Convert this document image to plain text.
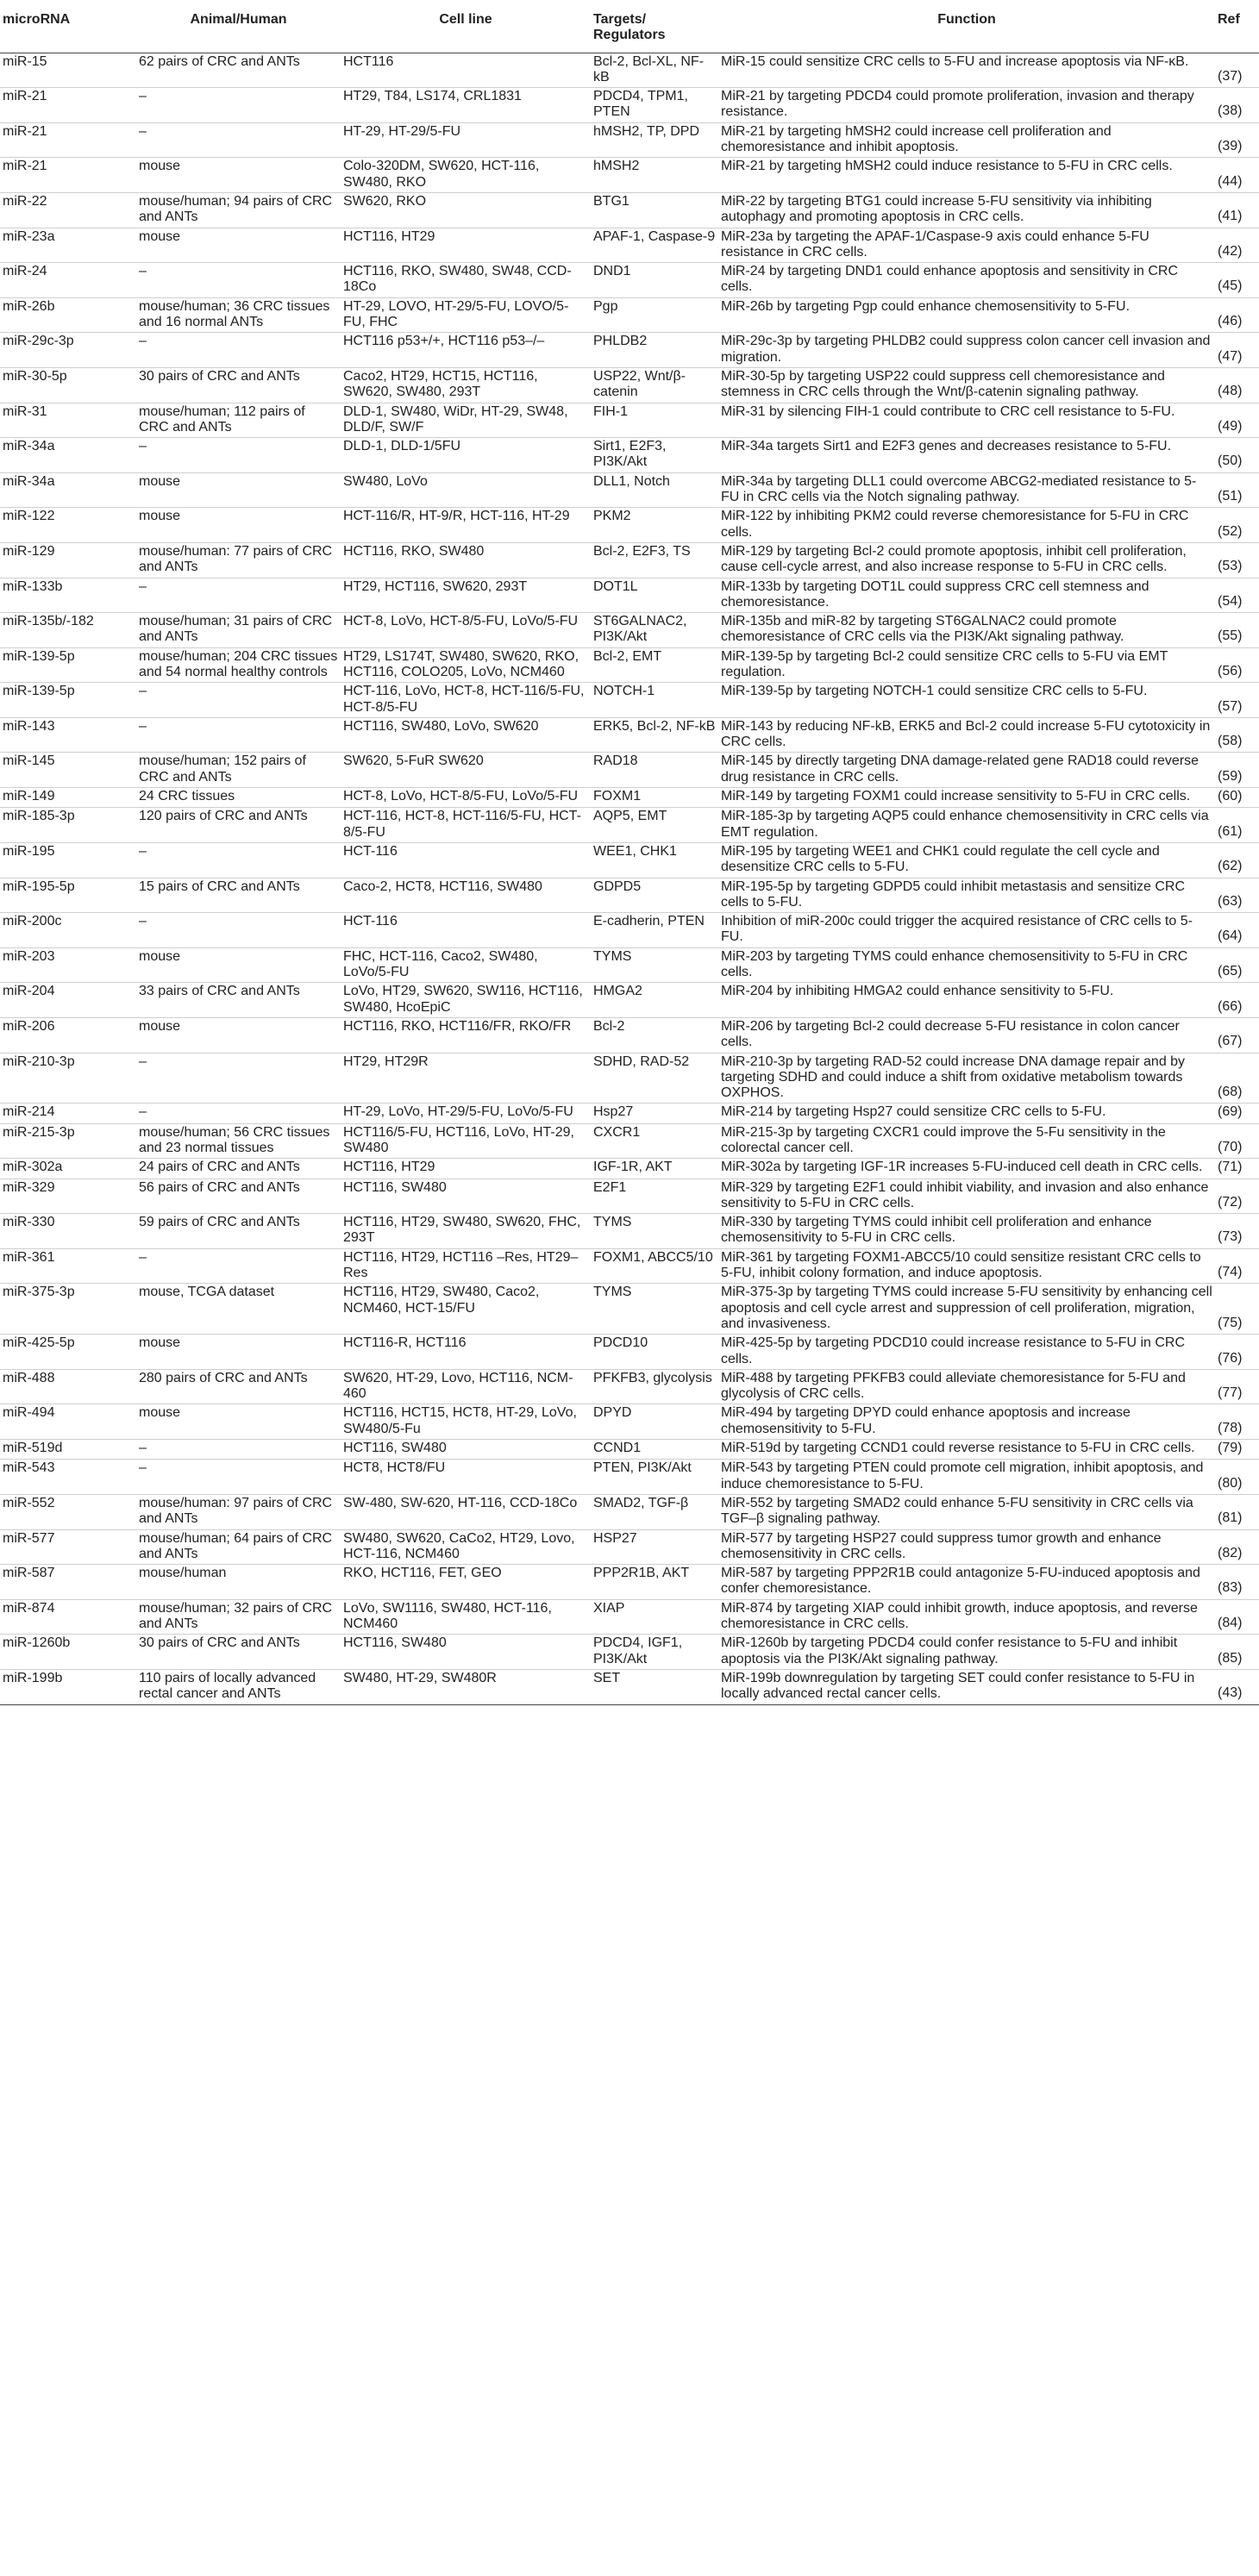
microRNA	Animal/Human	Cell line	Targets/ Regulators	Function	Ref
miR-15	62 pairs of CRC and ANTs	HCT116	Bcl-2, Bcl-XL, NF-kB	MiR-15 could sensitize CRC cells to 5-FU and increase apoptosis via NF-κB.	(37)
miR-21	–	HT29, T84, LS174, CRL1831	PDCD4, TPM1, PTEN	MiR-21 by targeting PDCD4 could promote proliferation, invasion and therapy resistance.	(38)
miR-21	–	HT-29, HT-29/5-FU	hMSH2, TP, DPD	MiR-21 by targeting hMSH2 could increase cell proliferation and chemoresistance and inhibit apoptosis.	(39)
miR-21	mouse	Colo-320DM, SW620, HCT-116, SW480, RKO	hMSH2	MiR-21 by targeting hMSH2 could induce resistance to 5-FU in CRC cells.	(44)
miR-22	mouse/human; 94 pairs of CRC and ANTs	SW620, RKO	BTG1	MiR-22 by targeting BTG1 could increase 5-FU sensitivity via inhibiting autophagy and promoting apoptosis in CRC cells.	(41)
miR-23a	mouse	HCT116, HT29	APAF-1, Caspase-9	MiR-23a by targeting the APAF-1/Caspase-9 axis could enhance 5-FU resistance in CRC cells.	(42)
miR-24	–	HCT116, RKO, SW480, SW48, CCD-18Co	DND1	MiR-24 by targeting DND1 could enhance apoptosis and sensitivity in CRC cells.	(45)
miR-26b	mouse/human; 36 CRC tissues and 16 normal ANTs	HT-29, LOVO, HT-29/5-FU, LOVO/5-FU, FHC	Pgp	MiR-26b by targeting Pgp could enhance chemosensitivity to 5-FU.	(46)
miR-29c-3p	–	HCT116 p53+/+, HCT116 p53–/–	PHLDB2	MiR-29c-3p by targeting PHLDB2 could suppress colon cancer cell invasion and migration.	(47)
miR-30-5p	30 pairs of CRC and ANTs	Caco2, HT29, HCT15, HCT116, SW620, SW480, 293T	USP22, Wnt/β-catenin	MiR-30-5p by targeting USP22 could suppress cell chemoresistance and stemness in CRC cells through the Wnt/β-catenin signaling pathway.	(48)
miR-31	mouse/human; 112 pairs of CRC and ANTs	DLD-1, SW480, WiDr, HT-29, SW48, DLD/F, SW/F	FIH-1	MiR-31 by silencing FIH-1 could contribute to CRC cell resistance to 5-FU.	(49)
miR-34a	–	DLD-1, DLD-1/5FU	Sirt1, E2F3, PI3K/Akt	MiR-34a targets Sirt1 and E2F3 genes and decreases resistance to 5-FU.	(50)
miR-34a	mouse	SW480, LoVo	DLL1, Notch	MiR-34a by targeting DLL1 could overcome ABCG2-mediated resistance to 5-FU in CRC cells via the Notch signaling pathway.	(51)
miR-122	mouse	HCT-116/R, HT-9/R, HCT-116, HT-29	PKM2	MiR-122 by inhibiting PKM2 could reverse chemoresistance for 5-FU in CRC cells.	(52)
miR-129	mouse/human: 77 pairs of CRC and ANTs	HCT116, RKO, SW480	Bcl-2, E2F3, TS	MiR-129 by targeting Bcl-2 could promote apoptosis, inhibit cell proliferation, cause cell-cycle arrest, and also increase response to 5-FU in CRC cells.	(53)
miR-133b	–	HT29, HCT116, SW620, 293T	DOT1L	MiR-133b by targeting DOT1L could suppress CRC cell stemness and chemoresistance.	(54)
miR-135b/-182	mouse/human; 31 pairs of CRC and ANTs	HCT-8, LoVo, HCT-8/5-FU, LoVo/5-FU	ST6GALNAC2, PI3K/Akt	MiR-135b and miR-82 by targeting ST6GALNAC2 could promote chemoresistance of CRC cells via the PI3K/Akt signaling pathway.	(55)
miR-139-5p	mouse/human; 204 CRC tissues and 54 normal healthy controls	HT29, LS174T, SW480, SW620, RKO, HCT116, COLO205, LoVo, NCM460	Bcl-2, EMT	MiR-139-5p by targeting Bcl-2 could sensitize CRC cells to 5-FU via EMT regulation.	(56)
miR-139-5p	–	HCT-116, LoVo, HCT-8, HCT-116/5-FU, HCT-8/5-FU	NOTCH-1	MiR-139-5p by targeting NOTCH-1 could sensitize CRC cells to 5-FU.	(57)
miR-143	–	HCT116, SW480, LoVo, SW620	ERK5, Bcl-2, NF-kB	MiR-143 by reducing NF-kB, ERK5 and Bcl-2 could increase 5-FU cytotoxicity in CRC cells.	(58)
miR-145	mouse/human; 152 pairs of CRC and ANTs	SW620, 5-FuR SW620	RAD18	MiR-145 by directly targeting DNA damage-related gene RAD18 could reverse drug resistance in CRC cells.	(59)
miR-149	24 CRC tissues	HCT-8, LoVo, HCT-8/5-FU, LoVo/5-FU	FOXM1	MiR-149 by targeting FOXM1 could increase sensitivity to 5-FU in CRC cells.	(60)
miR-185-3p	120 pairs of CRC and ANTs	HCT-116, HCT-8, HCT-116/5-FU, HCT-8/5-FU	AQP5, EMT	MiR-185-3p by targeting AQP5 could enhance chemosensitivity in CRC cells via EMT regulation.	(61)
miR-195	–	HCT-116	WEE1, CHK1	MiR-195 by targeting WEE1 and CHK1 could regulate the cell cycle and desensitize CRC cells to 5-FU.	(62)
miR-195-5p	15 pairs of CRC and ANTs	Caco-2, HCT8, HCT116, SW480	GDPD5	MiR-195-5p by targeting GDPD5 could inhibit metastasis and sensitize CRC cells to 5-FU.	(63)
miR-200c	–	HCT-116	E-cadherin, PTEN	Inhibition of miR-200c could trigger the acquired resistance of CRC cells to 5-FU.	(64)
miR-203	mouse	FHC, HCT-116, Caco2, SW480, LoVo/5-FU	TYMS	MiR-203 by targeting TYMS could enhance chemosensitivity to 5-FU in CRC cells.	(65)
miR-204	33 pairs of CRC and ANTs	LoVo, HT29, SW620, SW116, HCT116, SW480, HcoEpiC	HMGA2	MiR-204 by inhibiting HMGA2 could enhance sensitivity to 5-FU.	(66)
miR-206	mouse	HCT116, RKO, HCT116/FR, RKO/FR	Bcl-2	MiR-206 by targeting Bcl-2 could decrease 5-FU resistance in colon cancer cells.	(67)
miR-210-3p	–	HT29, HT29R	SDHD, RAD-52	MiR-210-3p by targeting RAD-52 could increase DNA damage repair and by targeting SDHD and could induce a shift from oxidative metabolism towards OXPHOS.	(68)
miR-214	–	HT-29, LoVo, HT-29/5-FU, LoVo/5-FU	Hsp27	MiR-214 by targeting Hsp27 could sensitize CRC cells to 5-FU.	(69)
miR-215-3p	mouse/human; 56 CRC tissues and 23 normal tissues	HCT116/5-FU, HCT116, LoVo, HT-29, SW480	CXCR1	MiR-215-3p by targeting CXCR1 could improve the 5-Fu sensitivity in the colorectal cancer cell.	(70)
miR-302a	24 pairs of CRC and ANTs	HCT116, HT29	IGF-1R, AKT	MiR-302a by targeting IGF-1R increases 5-FU-induced cell death in CRC cells.	(71)
miR-329	56 pairs of CRC and ANTs	HCT116, SW480	E2F1	MiR-329 by targeting E2F1 could inhibit viability, and invasion and also enhance sensitivity to 5-FU in CRC cells.	(72)
miR-330	59 pairs of CRC and ANTs	HCT116, HT29, SW480, SW620, FHC, 293T	TYMS	MiR-330 by targeting TYMS could inhibit cell proliferation and enhance chemosensitivity to 5-FU in CRC cells.	(73)
miR-361	–	HCT116, HT29, HCT116 –Res, HT29–Res	FOXM1, ABCC5/10	MiR-361 by targeting FOXM1-ABCC5/10 could sensitize resistant CRC cells to 5-FU, inhibit colony formation, and induce apoptosis.	(74)
miR-375-3p	mouse, TCGA dataset	HCT116, HT29, SW480, Caco2, NCM460, HCT-15/FU	TYMS	MiR-375-3p by targeting TYMS could increase 5-FU sensitivity by enhancing cell apoptosis and cell cycle arrest and suppression of cell proliferation, migration, and invasiveness.	(75)
miR-425-5p	mouse	HCT116-R, HCT116	PDCD10	MiR-425-5p by targeting PDCD10 could increase resistance to 5-FU in CRC cells.	(76)
miR-488	280 pairs of CRC and ANTs	SW620, HT-29, Lovo, HCT116, NCM-460	PFKFB3, glycolysis	MiR-488 by targeting PFKFB3 could alleviate chemoresistance for 5-FU and glycolysis of CRC cells.	(77)
miR-494	mouse	HCT116, HCT15, HCT8, HT-29, LoVo, SW480/5-Fu	DPYD	MiR-494 by targeting DPYD could enhance apoptosis and increase chemosensitivity to 5-FU.	(78)
miR-519d	–	HCT116, SW480	CCND1	MiR-519d by targeting CCND1 could reverse resistance to 5-FU in CRC cells.	(79)
miR-543	–	HCT8, HCT8/FU	PTEN, PI3K/Akt	MiR-543 by targeting PTEN could promote cell migration, inhibit apoptosis, and induce chemoresistance to 5-FU.	(80)
miR-552	mouse/human: 97 pairs of CRC and ANTs	SW-480, SW-620, HT-116, CCD-18Co	SMAD2, TGF-β	MiR-552 by targeting SMAD2 could enhance 5-FU sensitivity in CRC cells via TGF–β signaling pathway.	(81)
miR-577	mouse/human; 64 pairs of CRC and ANTs	SW480, SW620, CaCo2, HT29, Lovo, HCT-116, NCM460	HSP27	MiR-577 by targeting HSP27 could suppress tumor growth and enhance chemosensitivity in CRC cells.	(82)
miR-587	mouse/human	RKO, HCT116, FET, GEO	PPP2R1B, AKT	MiR-587 by targeting PPP2R1B could antagonize 5-FU-induced apoptosis and confer chemoresistance.	(83)
miR-874	mouse/human; 32 pairs of CRC and ANTs	LoVo, SW1116, SW480, HCT-116, NCM460	XIAP	MiR-874 by targeting XIAP could inhibit growth, induce apoptosis, and reverse chemoresistance in CRC cells.	(84)
miR-1260b	30 pairs of CRC and ANTs	HCT116, SW480	PDCD4, IGF1, PI3K/Akt	MiR-1260b by targeting PDCD4 could confer resistance to 5-FU and inhibit apoptosis via the PI3K/Akt signaling pathway.	(85)
miR-199b	110 pairs of locally advanced rectal cancer and ANTs	SW480, HT-29, SW480R	SET	MiR-199b downregulation by targeting SET could confer resistance to 5-FU in locally advanced rectal cancer cells.	(43)
